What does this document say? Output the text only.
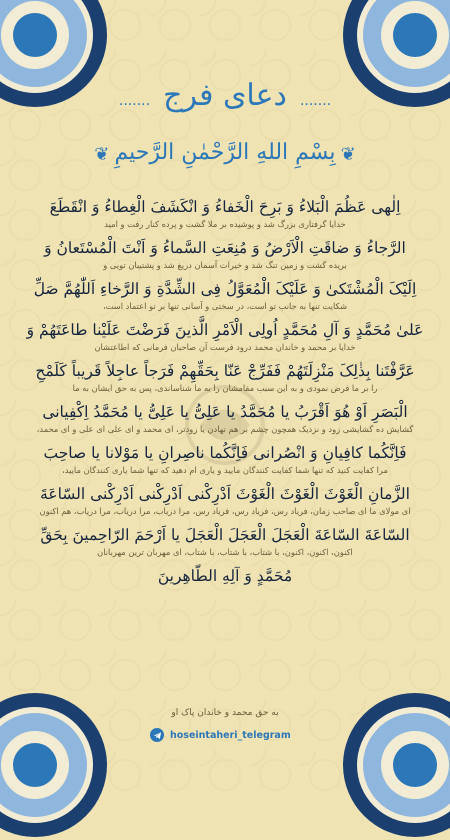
....... دعای فرج .......
❦ بِسْمِ اللهِ الرَّحْمٰنِ الرَّحیمِ ❦

اِلٰهی عَظُمَ الْبَلاءُ وَ بَرِحَ الْخَفاءُ وَ انْکَشَفَ الْغِطاءُ وَ انْقَطَعَ

خدایا گرفتاری بزرگ شد و پوشیده بر ملا گشت و پرده کنار رفت و امید

الرَّجاءُ وَ ضاقَتِ الْاَرْضُ وَ مُنِعَتِ السَّماءُ وَ اَنْتَ الْمُسْتَعانُ وَ

بریده گشت و زمین تنگ شد و خیرات آسمان دریغ شد و پشتیبان تویی و

اِلَیْکَ الْمُشْتَکیٰ وَ عَلَیْکَ الْمُعَوَّلُ فِی الشِّدَّةِ وَ الرَّخاءِ اَللّٰهُمَّ صَلِّ

شکایت تنها به جانب تو است، در سختی و آسانی تنها بر تو اعتماد است،

عَلیٰ مُحَمَّدٍ وَ آلِ مُحَمَّدٍ اُولِی الْاَمْرِ الَّذینَ فَرَضْتَ عَلَیْنا طاعَتَهُمْ وَ

خدایا بر محمد و خاندان محمد درود فرست آن صاحبان فرمانی که اطاعتشان

عَرَّفْتَنا بِذٰلِکَ مَنْزِلَتَهُمْ فَفَرِّجْ عَنّا بِحَقِّهِمْ فَرَجاً عاجِلاً قَریباً کَلَمْحِ

را بر ما فرض نمودی و به این سبب مقامشان را به ما شناساندی، پس به حق ایشان به ما

الْبَصَرِ اَوْ هُوَ اَقْرَبُ یا مُحَمَّدُ یا عَلِیُّ یا عَلِیُّ یا مُحَمَّدُ اِکْفِیانی

گشایش ده گشایشی زود و نزدیک همچون چشم بر هم نهادن یا زودتر، ای محمد و ای علی ای علی و ای محمد،

فَاِنَّکُما کافِیانِ وَ انْصُرانی فَاِنَّکُما ناصِرانِ یا مَوْلانا یا صاحِبَ

مرا کفایت کنید که تنها شما کفایت کنندگان مایید و یاری ام دهید که تنها شما یاری کنندگان مایید،

الزَّمانِ الْغَوْثَ الْغَوْثَ الْغَوْثَ اَدْرِکْنی اَدْرِکْنی اَدْرِکْنی السّاعَةَ

ای مولای ما ای صاحب زمان، فریاد رس، فریاد رس، فریاد رس، مرا دریاب، مرا دریاب، مرا دریاب، هم اکنون

السّاعَةَ السّاعَةَ الْعَجَلَ الْعَجَلَ الْعَجَلَ یا اَرْحَمَ الرّاحِمینَ بِحَقِّ

اکنون، اکنون، اکنون، با شتاب، با شتاب، با شتاب، ای مهربان ترین مهربانان

مُحَمَّدٍ وَ آلِهِ الطّاهِرینَ

به حق محمد و خاندان پاک او
hoseintaheri_telegram
